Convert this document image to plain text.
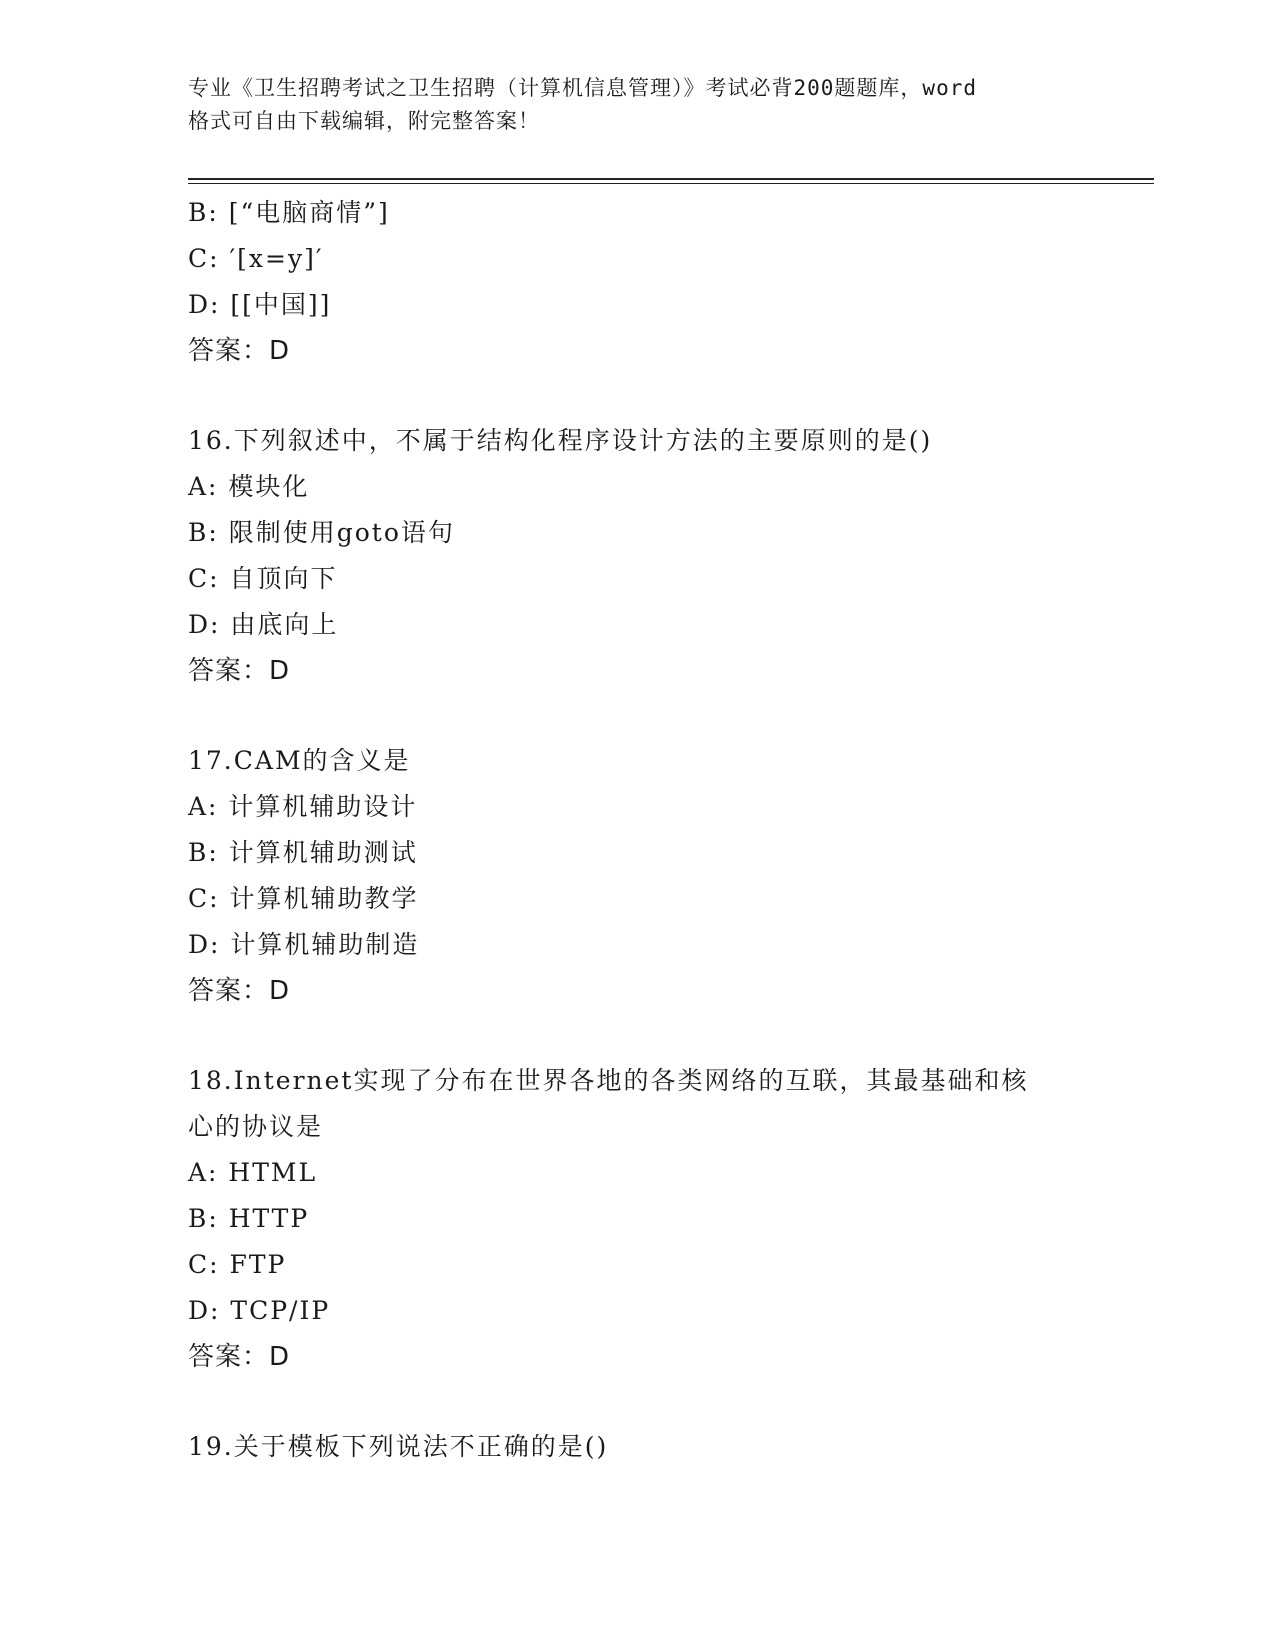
专业《卫生招聘考试之卫生招聘（计算机信息管理）》考试必背200题题库，word
格式可自由下载编辑，附完整答案！
B: [“电脑商情”]
C: ′[x=y]′
D: [[中国]]
答案：D
16.下列叙述中，不属于结构化程序设计方法的主要原则的是()
A: 模块化
B: 限制使用goto语句
C: 自顶向下
D: 由底向上
答案：D
17.CAM的含义是
A: 计算机辅助设计
B: 计算机辅助测试
C: 计算机辅助教学
D: 计算机辅助制造
答案：D
18.Internet实现了分布在世界各地的各类网络的互联，其最基础和核
心的协议是
A: HTML
B: HTTP
C: FTP
D: TCP/IP
答案：D
19.关于模板下列说法不正确的是()
